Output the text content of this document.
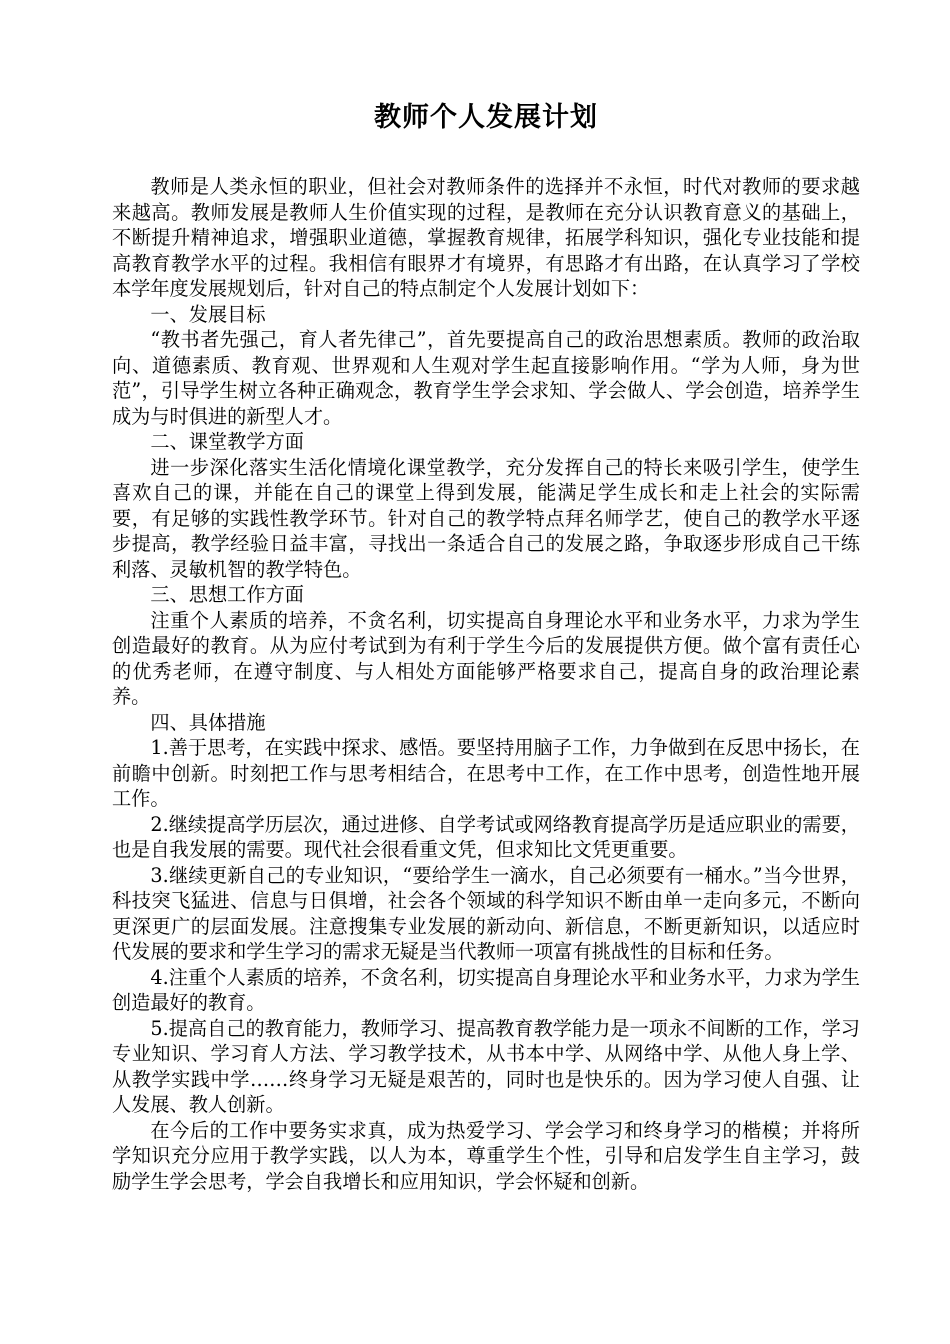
教师个人发展计划

教师是人类永恒的职业，但社会对教师条件的选择并不永恒，时代对教师的要求越来越高。教师发展是教师人生价值实现的过程，是教师在充分认识教育意义的基础上，不断提升精神追求，增强职业道德，掌握教育规律，拓展学科知识，强化专业技能和提高教育教学水平的过程。我相信有眼界才有境界，有思路才有出路，在认真学习了学校本学年度发展规划后，针对自己的特点制定个人发展计划如下：

一、发展目标

“教书者先强己，育人者先律己”，首先要提高自己的政治思想素质。教师的政治取向、道德素质、教育观、世界观和人生观对学生起直接影响作用。“学为人师，身为世范”，引导学生树立各种正确观念，教育学生学会求知、学会做人、学会创造，培养学生成为与时俱进的新型人才。

二、课堂教学方面

进一步深化落实生活化情境化课堂教学，充分发挥自己的特长来吸引学生，使学生喜欢自己的课，并能在自己的课堂上得到发展，能满足学生成长和走上社会的实际需要，有足够的实践性教学环节。针对自己的教学特点拜名师学艺，使自己的教学水平逐步提高，教学经验日益丰富，寻找出一条适合自己的发展之路，争取逐步形成自己干练利落、灵敏机智的教学特色。

三、思想工作方面

注重个人素质的培养，不贪名利，切实提高自身理论水平和业务水平，力求为学生创造最好的教育。从为应付考试到为有利于学生今后的发展提供方便。做个富有责任心的优秀老师，在遵守制度、与人相处方面能够严格要求自己，提高自身的政治理论素养。

四、具体措施

1.善于思考，在实践中探求、感悟。要坚持用脑子工作，力争做到在反思中扬长，在前瞻中创新。时刻把工作与思考相结合，在思考中工作，在工作中思考，创造性地开展工作。

2.继续提高学历层次，通过进修、自学考试或网络教育提高学历是适应职业的需要，也是自我发展的需要。现代社会很看重文凭，但求知比文凭更重要。

3.继续更新自己的专业知识，“要给学生一滴水，自己必须要有一桶水。”当今世界，科技突飞猛进、信息与日俱增，社会各个领域的科学知识不断由单一走向多元，不断向更深更广的层面发展。注意搜集专业发展的新动向、新信息，不断更新知识，以适应时代发展的要求和学生学习的需求无疑是当代教师一项富有挑战性的目标和任务。

4.注重个人素质的培养，不贪名利，切实提高自身理论水平和业务水平，力求为学生创造最好的教育。

5.提高自己的教育能力，教师学习、提高教育教学能力是一项永不间断的工作，学习专业知识、学习育人方法、学习教学技术，从书本中学、从网络中学、从他人身上学、从教学实践中学……终身学习无疑是艰苦的，同时也是快乐的。因为学习使人自强、让人发展、教人创新。

在今后的工作中要务实求真，成为热爱学习、学会学习和终身学习的楷模；并将所学知识充分应用于教学实践，以人为本，尊重学生个性，引导和启发学生自主学习，鼓励学生学会思考，学会自我增长和应用知识，学会怀疑和创新。
